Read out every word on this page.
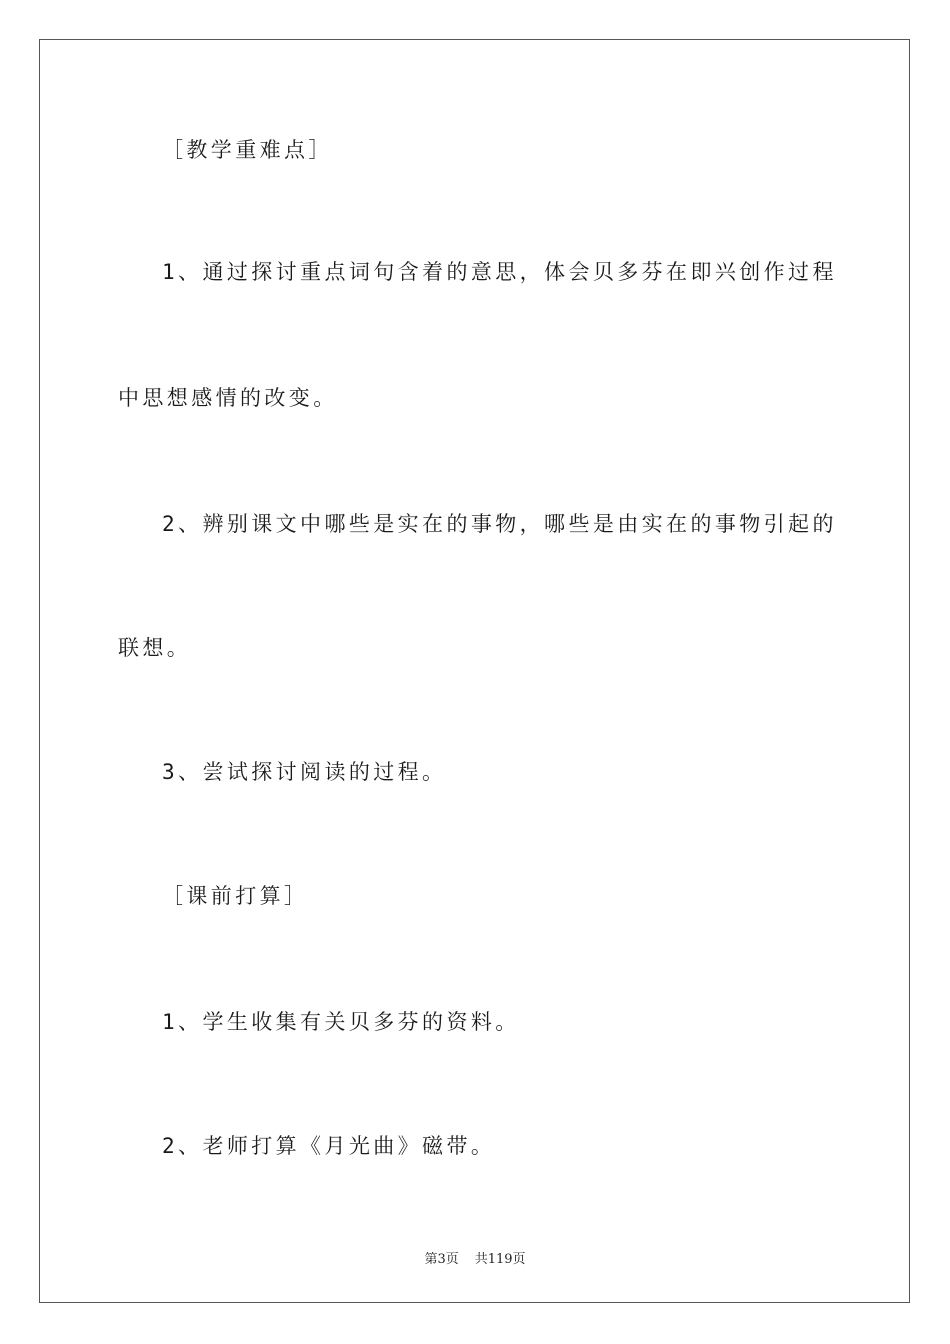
［教学重难点］
1、通过探讨重点词句含着的意思，体会贝多芬在即兴创作过程
中思想感情的改变。
2、辨别课文中哪些是实在的事物，哪些是由实在的事物引起的
联想。
3、尝试探讨阅读的过程。
［课前打算］
1、学生收集有关贝多芬的资料。
2、老师打算《月光曲》磁带。
第3页 共119页
